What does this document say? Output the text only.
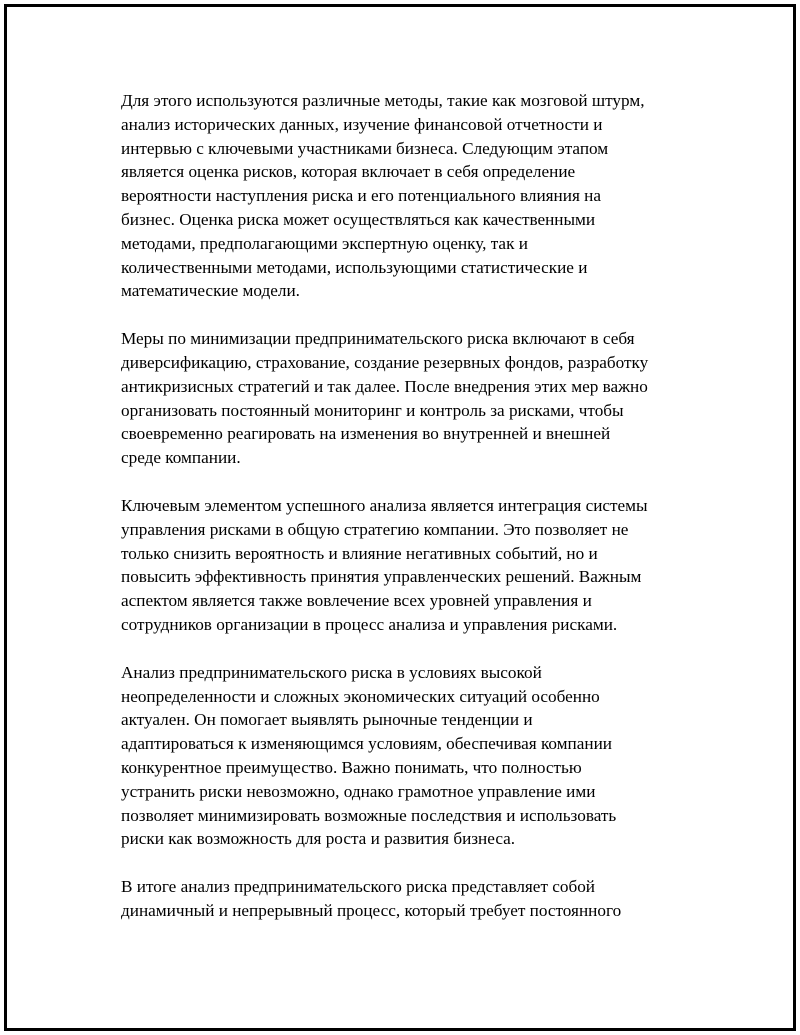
Для этого используются различные методы, такие как мозговой штурм,
анализ исторических данных, изучение финансовой отчетности и
интервью с ключевыми участниками бизнеса. Следующим этапом
является оценка рисков, которая включает в себя определение
вероятности наступления риска и его потенциального влияния на
бизнес. Оценка риска может осуществляться как качественными
методами, предполагающими экспертную оценку, так и
количественными методами, использующими статистические и
математические модели.

Меры по минимизации предпринимательского риска включают в себя
диверсификацию, страхование, создание резервных фондов, разработку
антикризисных стратегий и так далее. После внедрения этих мер важно
организовать постоянный мониторинг и контроль за рисками, чтобы
своевременно реагировать на изменения во внутренней и внешней
среде компании.

Ключевым элементом успешного анализа является интеграция системы
управления рисками в общую стратегию компании. Это позволяет не
только снизить вероятность и влияние негативных событий, но и
повысить эффективность принятия управленческих решений. Важным
аспектом является также вовлечение всех уровней управления и
сотрудников организации в процесс анализа и управления рисками.

Анализ предпринимательского риска в условиях высокой
неопределенности и сложных экономических ситуаций особенно
актуален. Он помогает выявлять рыночные тенденции и
адаптироваться к изменяющимся условиям, обеспечивая компании
конкурентное преимущество. Важно понимать, что полностью
устранить риски невозможно, однако грамотное управление ими
позволяет минимизировать возможные последствия и использовать
риски как возможность для роста и развития бизнеса.

В итоге анализ предпринимательского риска представляет собой
динамичный и непрерывный процесс, который требует постоянного
